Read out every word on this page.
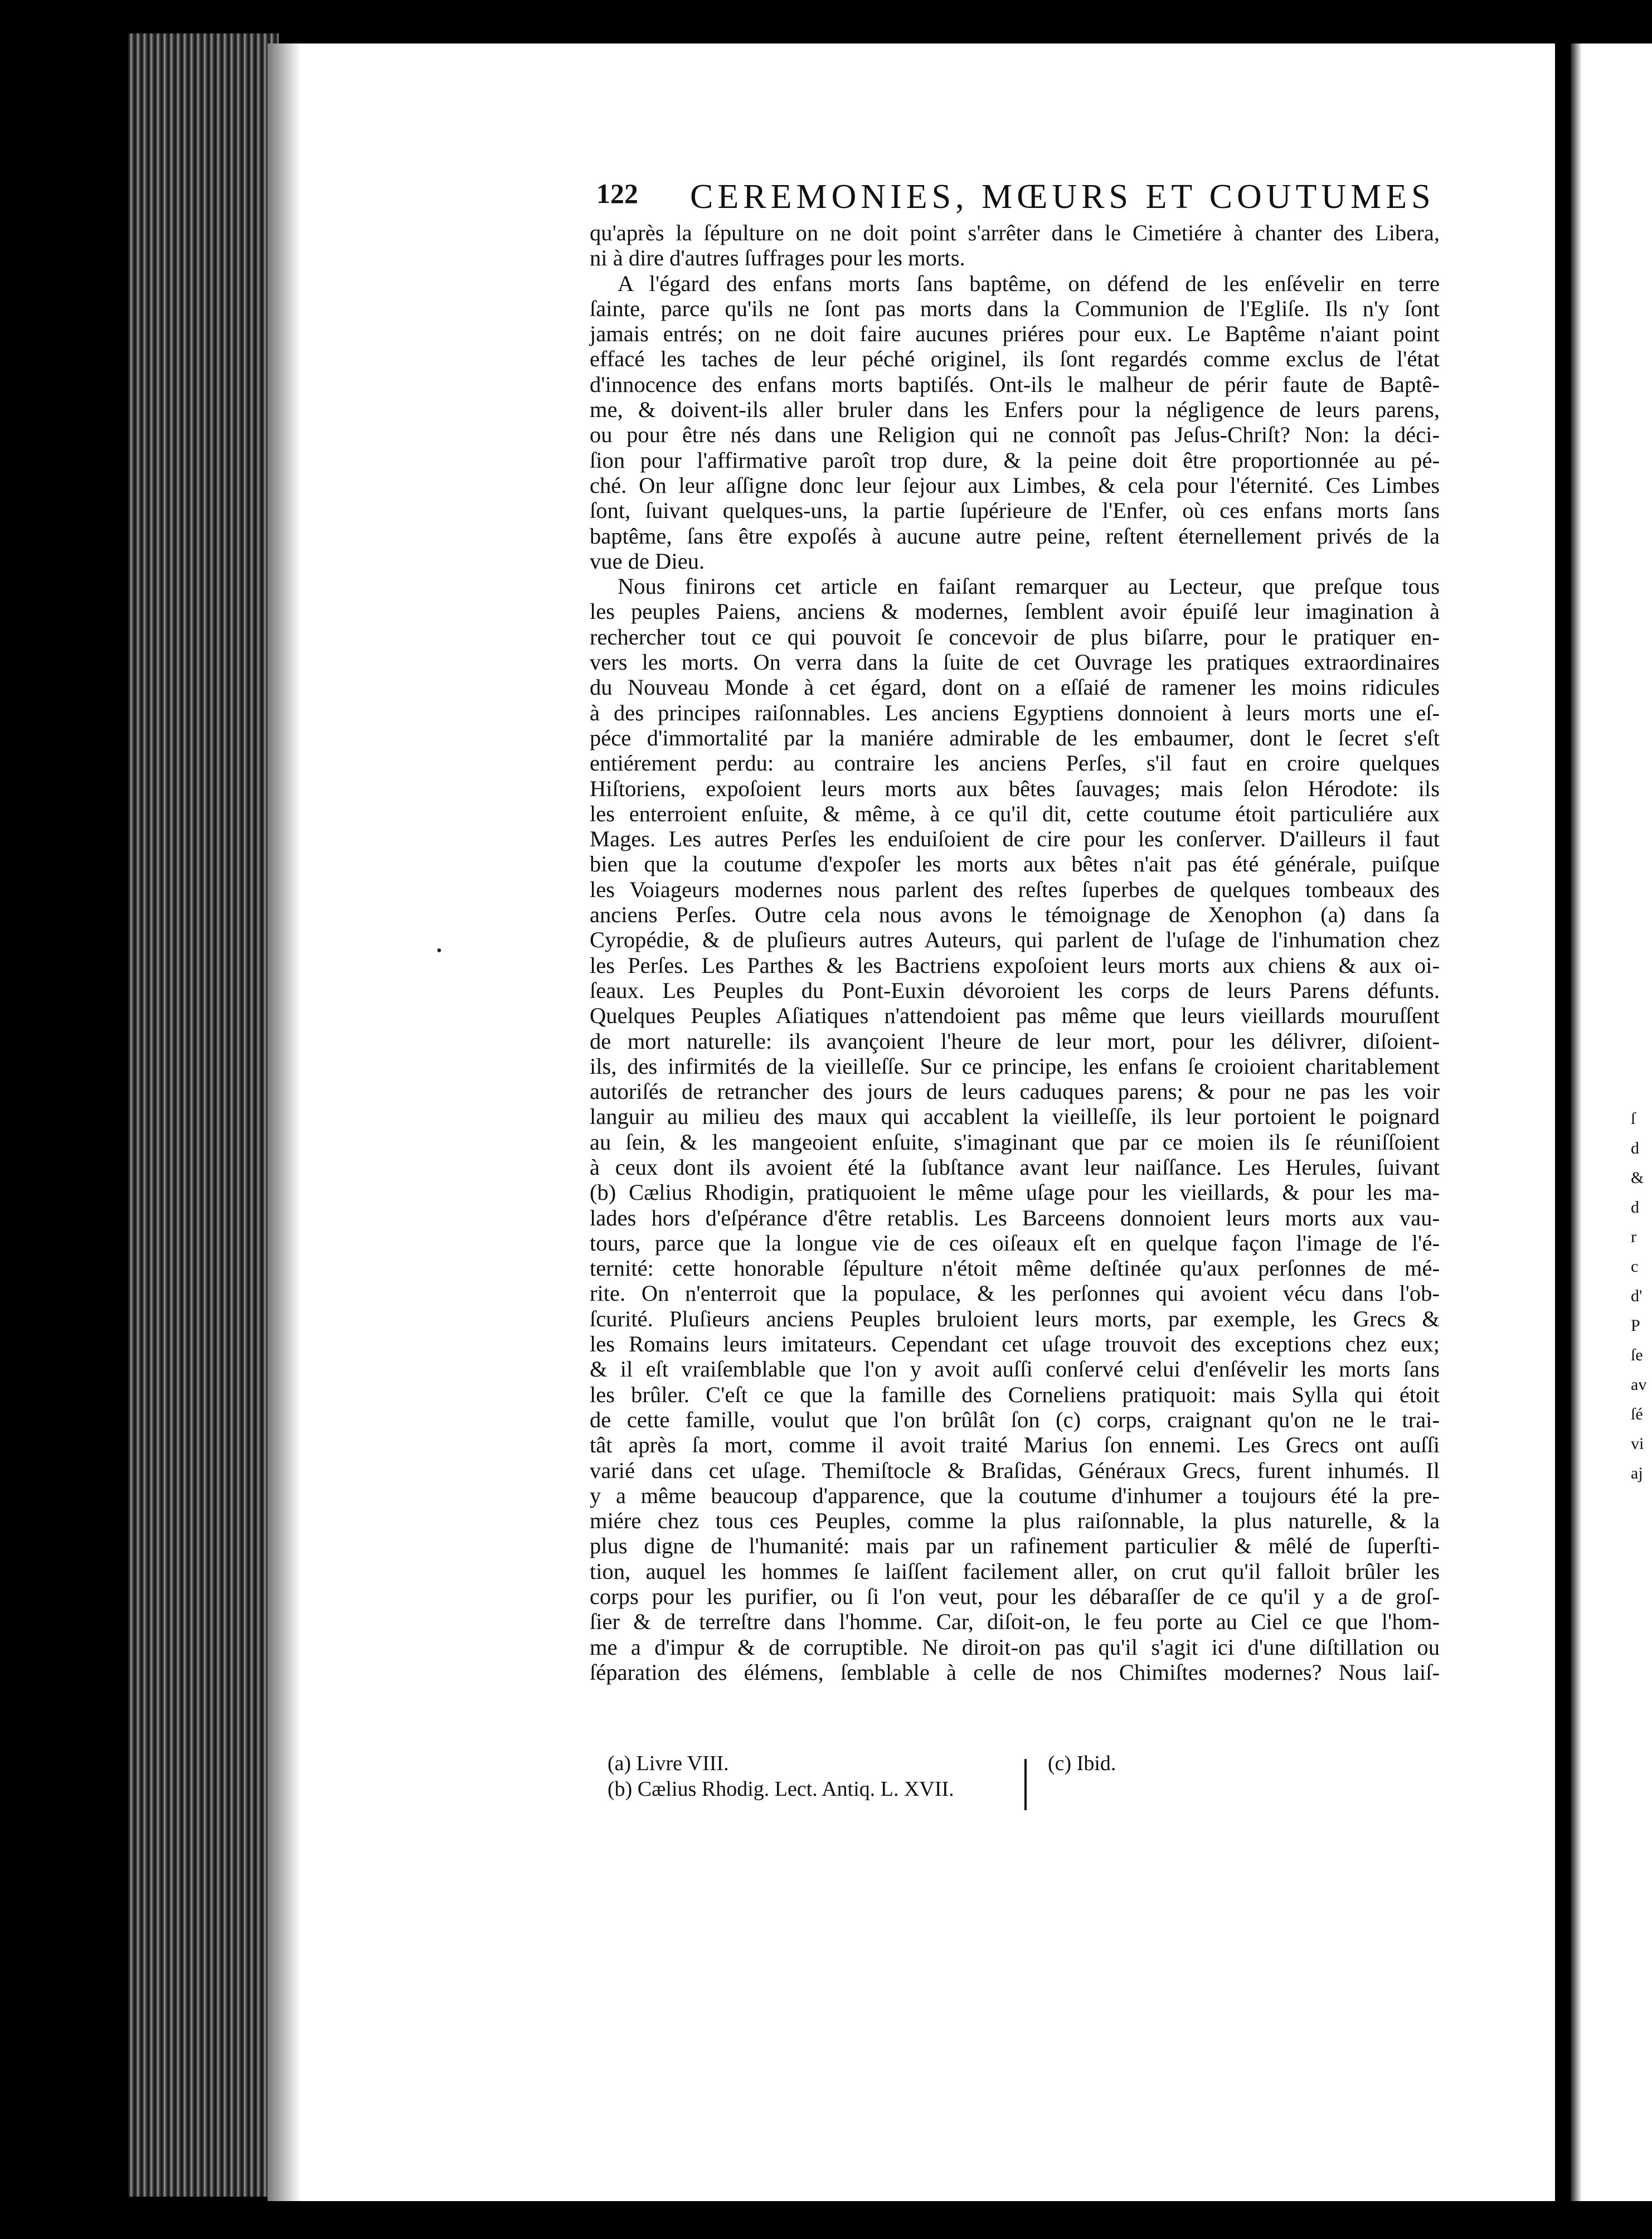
122 CEREMONIES, MŒURS ET COUTUMES
qu'après la ſépulture on ne doit point s'arrêter dans le Cimetiére à chanter des Libera,
ni à dire d'autres ſuffrages pour les morts.
A l'égard des enfans morts ſans baptême, on défend de les enſévelir en terre
ſainte, parce qu'ils ne ſont pas morts dans la Communion de l'Egliſe. Ils n'y ſont
jamais entrés; on ne doit faire aucunes priéres pour eux. Le Baptême n'aiant point
effacé les taches de leur péché originel, ils ſont regardés comme exclus de l'état
d'innocence des enfans morts baptiſés. Ont-ils le malheur de périr faute de Baptê-
me, & doivent-ils aller bruler dans les Enfers pour la négligence de leurs parens,
ou pour être nés dans une Religion qui ne connoît pas Jeſus-Chriſt? Non: la déci-
ſion pour l'affirmative paroît trop dure, & la peine doit être proportionnée au pé-
ché. On leur aſſigne donc leur ſejour aux Limbes, & cela pour l'éternité. Ces Limbes
ſont, ſuivant quelques-uns, la partie ſupérieure de l'Enfer, où ces enfans morts ſans
baptême, ſans être expoſés à aucune autre peine, reſtent éternellement privés de la
vue de Dieu.
Nous finirons cet article en faiſant remarquer au Lecteur, que preſque tous
les peuples Paiens, anciens & modernes, ſemblent avoir épuiſé leur imagination à
rechercher tout ce qui pouvoit ſe concevoir de plus biſarre, pour le pratiquer en-
vers les morts. On verra dans la ſuite de cet Ouvrage les pratiques extraordinaires
du Nouveau Monde à cet égard, dont on a eſſaié de ramener les moins ridicules
à des principes raiſonnables. Les anciens Egyptiens donnoient à leurs morts une eſ-
péce d'immortalité par la maniére admirable de les embaumer, dont le ſecret s'eſt
entiérement perdu: au contraire les anciens Perſes, s'il faut en croire quelques
Hiſtoriens, expoſoient leurs morts aux bêtes ſauvages; mais ſelon Hérodote: ils
les enterroient enſuite, & même, à ce qu'il dit, cette coutume étoit particuliére aux
Mages. Les autres Perſes les enduiſoient de cire pour les conſerver. D'ailleurs il faut
bien que la coutume d'expoſer les morts aux bêtes n'ait pas été générale, puiſque
les Voiageurs modernes nous parlent des reſtes ſuperbes de quelques tombeaux des
anciens Perſes. Outre cela nous avons le témoignage de Xenophon (a) dans ſa
Cyropédie, & de pluſieurs autres Auteurs, qui parlent de l'uſage de l'inhumation chez
les Perſes. Les Parthes & les Bactriens expoſoient leurs morts aux chiens & aux oi-
ſeaux. Les Peuples du Pont-Euxin dévoroient les corps de leurs Parens défunts.
Quelques Peuples Aſiatiques n'attendoient pas même que leurs vieillards mouruſſent
de mort naturelle: ils avançoient l'heure de leur mort, pour les délivrer, diſoient-
ils, des infirmités de la vieilleſſe. Sur ce principe, les enfans ſe croioient charitablement
autoriſés de retrancher des jours de leurs caduques parens; & pour ne pas les voir
languir au milieu des maux qui accablent la vieilleſſe, ils leur portoient le poignard
au ſein, & les mangeoient enſuite, s'imaginant que par ce moien ils ſe réuniſſoient
à ceux dont ils avoient été la ſubſtance avant leur naiſſance. Les Herules, ſuivant
(b) Cælius Rhodigin, pratiquoient le même uſage pour les vieillards, & pour les ma-
lades hors d'eſpérance d'être retablis. Les Barceens donnoient leurs morts aux vau-
tours, parce que la longue vie de ces oiſeaux eſt en quelque façon l'image de l'é-
ternité: cette honorable ſépulture n'étoit même deſtinée qu'aux perſonnes de mé-
rite. On n'enterroit que la populace, & les perſonnes qui avoient vécu dans l'ob-
ſcurité. Pluſieurs anciens Peuples bruloient leurs morts, par exemple, les Grecs &
les Romains leurs imitateurs. Cependant cet uſage trouvoit des exceptions chez eux;
& il eſt vraiſemblable que l'on y avoit auſſi conſervé celui d'enſévelir les morts ſans
les brûler. C'eſt ce que la famille des Corneliens pratiquoit: mais Sylla qui étoit
de cette famille, voulut que l'on brûlât ſon (c) corps, craignant qu'on ne le trai-
tât après ſa mort, comme il avoit traité Marius ſon ennemi. Les Grecs ont auſſi
varié dans cet uſage. Themiſtocle & Braſidas, Généraux Grecs, furent inhumés. Il
y a même beaucoup d'apparence, que la coutume d'inhumer a toujours été la pre-
miére chez tous ces Peuples, comme la plus raiſonnable, la plus naturelle, & la
plus digne de l'humanité: mais par un rafinement particulier & mêlé de ſuperſti-
tion, auquel les hommes ſe laiſſent facilement aller, on crut qu'il falloit brûler les
corps pour les purifier, ou ſi l'on veut, pour les débaraſſer de ce qu'il y a de groſ-
ſier & de terreſtre dans l'homme. Car, diſoit-on, le feu porte au Ciel ce que l'hom-
me a d'impur & de corruptible. Ne diroit-on pas qu'il s'agit ici d'une diſtillation ou
ſéparation des élémens, ſemblable à celle de nos Chimiſtes modernes? Nous laiſ-
•
(a) Livre VIII.
(b) Cælius Rhodig. Lect. Antiq. L. XVII.
(c) Ibid.
ſ
d
&
d
r
c
d'
P
ſe
av
ſé
vi
aj
